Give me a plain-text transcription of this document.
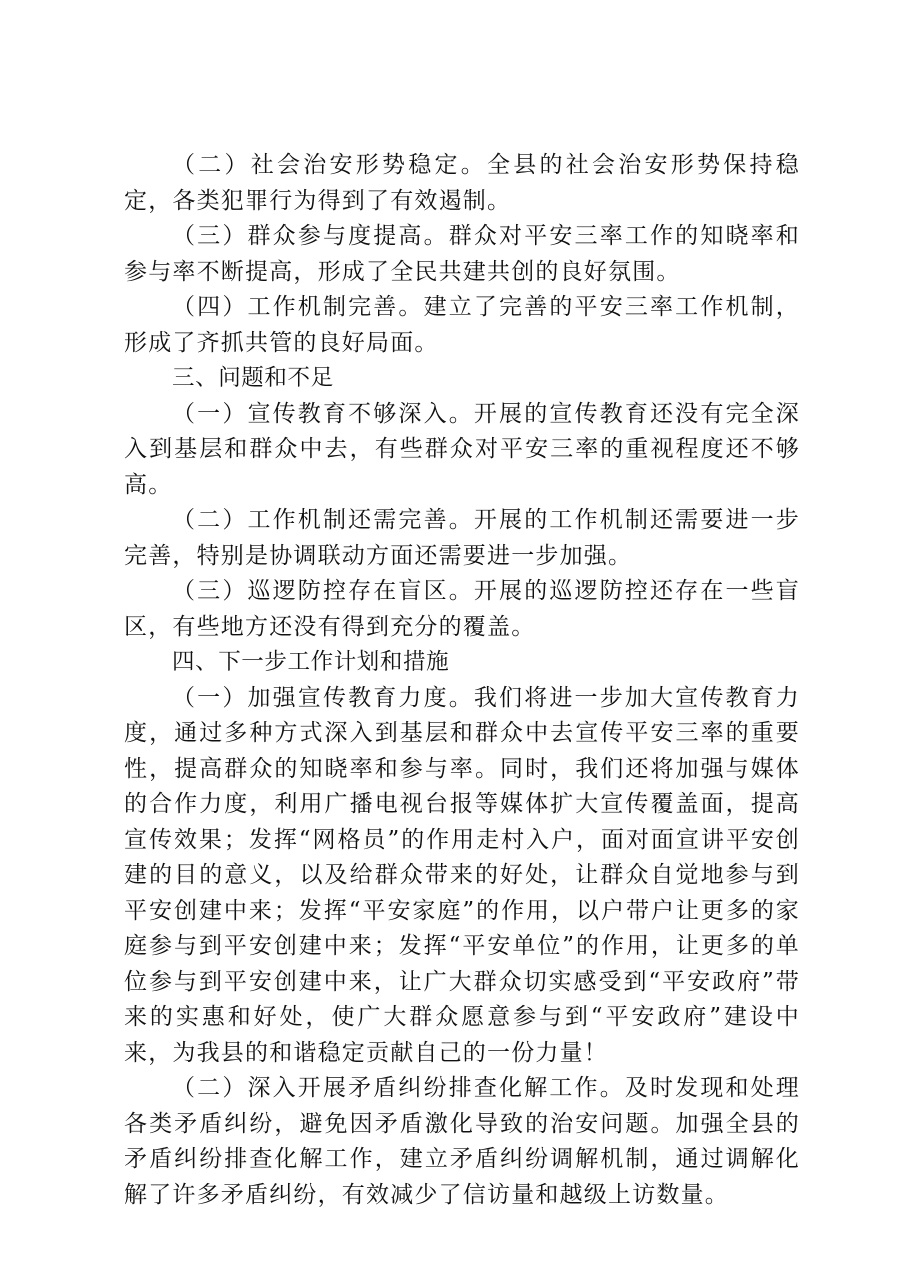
（二）社会治安形势稳定。全县的社会治安形势保持稳定，各类犯罪行为得到了有效遏制。

（三）群众参与度提高。群众对平安三率工作的知晓率和参与率不断提高，形成了全民共建共创的良好氛围。

（四）工作机制完善。建立了完善的平安三率工作机制，形成了齐抓共管的良好局面。

三、问题和不足

（一）宣传教育不够深入。开展的宣传教育还没有完全深入到基层和群众中去，有些群众对平安三率的重视程度还不够高。

（二）工作机制还需完善。开展的工作机制还需要进一步完善，特别是协调联动方面还需要进一步加强。

（三）巡逻防控存在盲区。开展的巡逻防控还存在一些盲区，有些地方还没有得到充分的覆盖。

四、下一步工作计划和措施

（一）加强宣传教育力度。我们将进一步加大宣传教育力度，通过多种方式深入到基层和群众中去宣传平安三率的重要性，提高群众的知晓率和参与率。同时，我们还将加强与媒体的合作力度，利用广播电视台报等媒体扩大宣传覆盖面，提高宣传效果；发挥“网格员”的作用走村入户，面对面宣讲平安创建的目的意义，以及给群众带来的好处，让群众自觉地参与到平安创建中来；发挥“平安家庭”的作用，以户带户让更多的家庭参与到平安创建中来；发挥“平安单位”的作用，让更多的单位参与到平安创建中来，让广大群众切实感受到“平安政府”带来的实惠和好处，使广大群众愿意参与到“平安政府”建设中来，为我县的和谐稳定贡献自己的一份力量！

（二）深入开展矛盾纠纷排查化解工作。及时发现和处理各类矛盾纠纷，避免因矛盾激化导致的治安问题。加强全县的矛盾纠纷排查化解工作，建立矛盾纠纷调解机制，通过调解化解了许多矛盾纠纷，有效减少了信访量和越级上访数量。
